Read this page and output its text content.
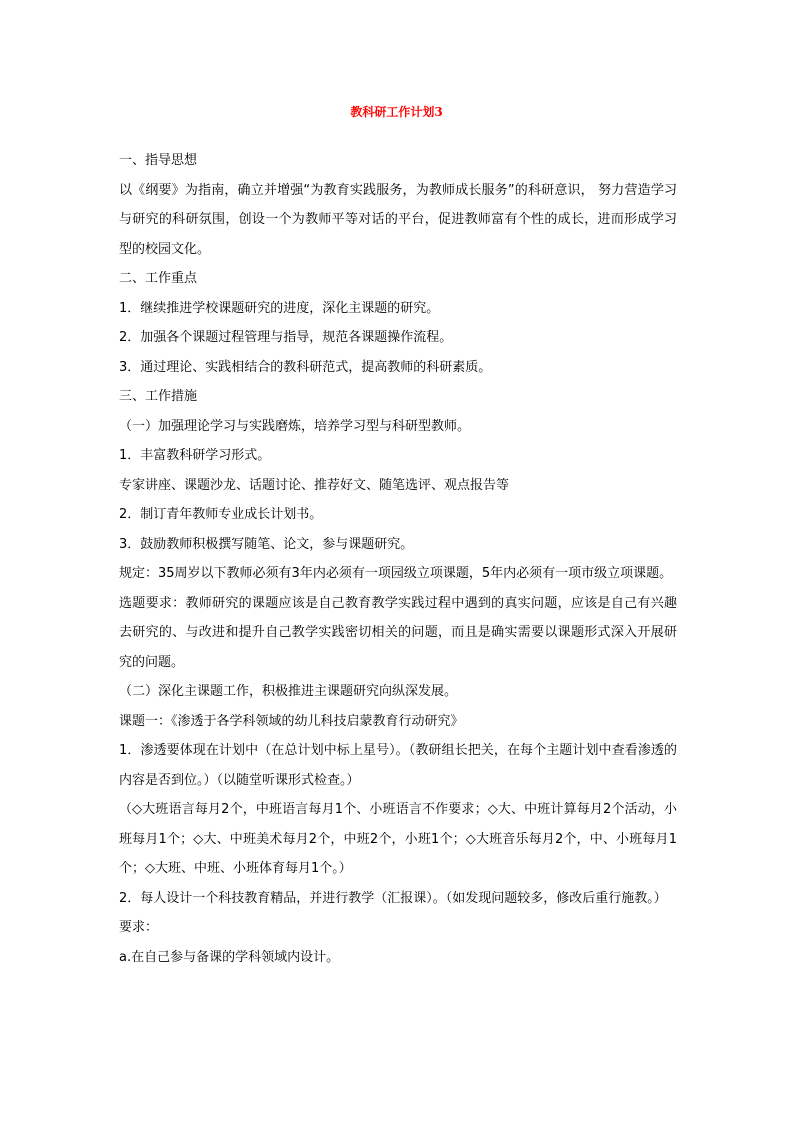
教科研工作计划3

一、指导思想

以《纲要》为指南，确立并增强“为教育实践服务，为教师成长服务”的科研意识， 努力营造学习与研究的科研氛围，创设一个为教师平等对话的平台，促进教师富有个性的成长，进而形成学习型的校园文化。

二、工作重点

1．继续推进学校课题研究的进度，深化主课题的研究。

2．加强各个课题过程管理与指导，规范各课题操作流程。

3．通过理论、实践相结合的教科研范式，提高教师的科研素质。

三、工作措施

（一）加强理论学习与实践磨炼，培养学习型与科研型教师。

1．丰富教科研学习形式。

专家讲座、课题沙龙、话题讨论、推荐好文、随笔选评、观点报告等

2．制订青年教师专业成长计划书。

3．鼓励教师积极撰写随笔、论文，参与课题研究。

规定：35周岁以下教师必须有3年内必须有一项园级立项课题，5年内必须有一项市级立项课题。

选题要求：教师研究的课题应该是自己教育教学实践过程中遇到的真实问题，应该是自己有兴趣去研究的、与改进和提升自己教学实践密切相关的问题，而且是确实需要以课题形式深入开展研究的问题。

（二）深化主课题工作，积极推进主课题研究向纵深发展。

课题一：《渗透于各学科领域的幼儿科技启蒙教育行动研究》

1．渗透要体现在计划中（在总计划中标上星号）。（教研组长把关，在每个主题计划中查看渗透的内容是否到位。）（以随堂听课形式检查。）

（◇大班语言每月2个，中班语言每月1个、小班语言不作要求；◇大、中班计算每月2个活动，小班每月1个；◇大、中班美术每月2个，中班2个，小班1个；◇大班音乐每月2个，中、小班每月1个；◇大班、中班、小班体育每月1个。）

2．每人设计一个科技教育精品，并进行教学（汇报课）。（如发现问题较多，修改后重行施教。）

要求：

a.在自己参与备课的学科领域内设计。
